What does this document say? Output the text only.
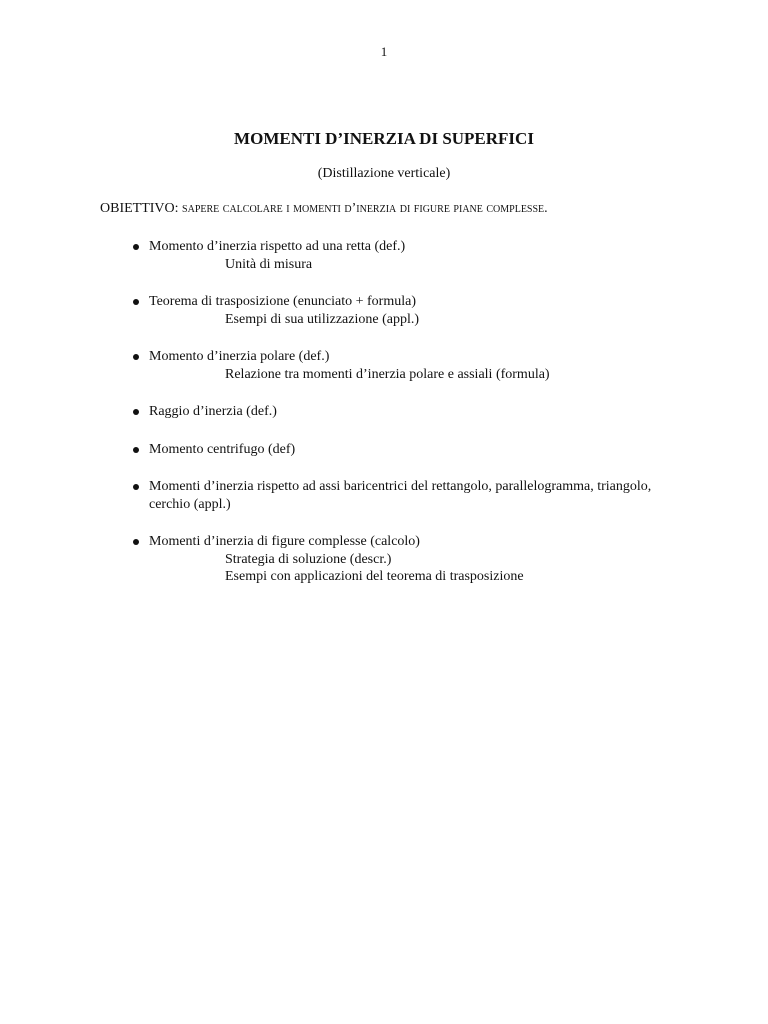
1
MOMENTI D’INERZIA DI SUPERFICI
(Distillazione verticale)
OBIETTIVO: sapere calcolare i momenti d’inerzia di figure piane complesse.
Momento d’inerzia rispetto ad una retta (def.)
Unità di misura
Teorema di trasposizione (enunciato + formula)
Esempi di sua utilizzazione (appl.)
Momento d’inerzia polare (def.)
Relazione tra momenti d’inerzia polare e assiali (formula)
Raggio d’inerzia (def.)
Momento centrifugo (def)
Momenti d’inerzia rispetto ad assi baricentrici del rettangolo, parallelogramma, triangolo, cerchio (appl.)
Momenti d’inerzia di figure complesse (calcolo)
Strategia di soluzione (descr.)
Esempi con applicazioni del teorema di trasposizione
